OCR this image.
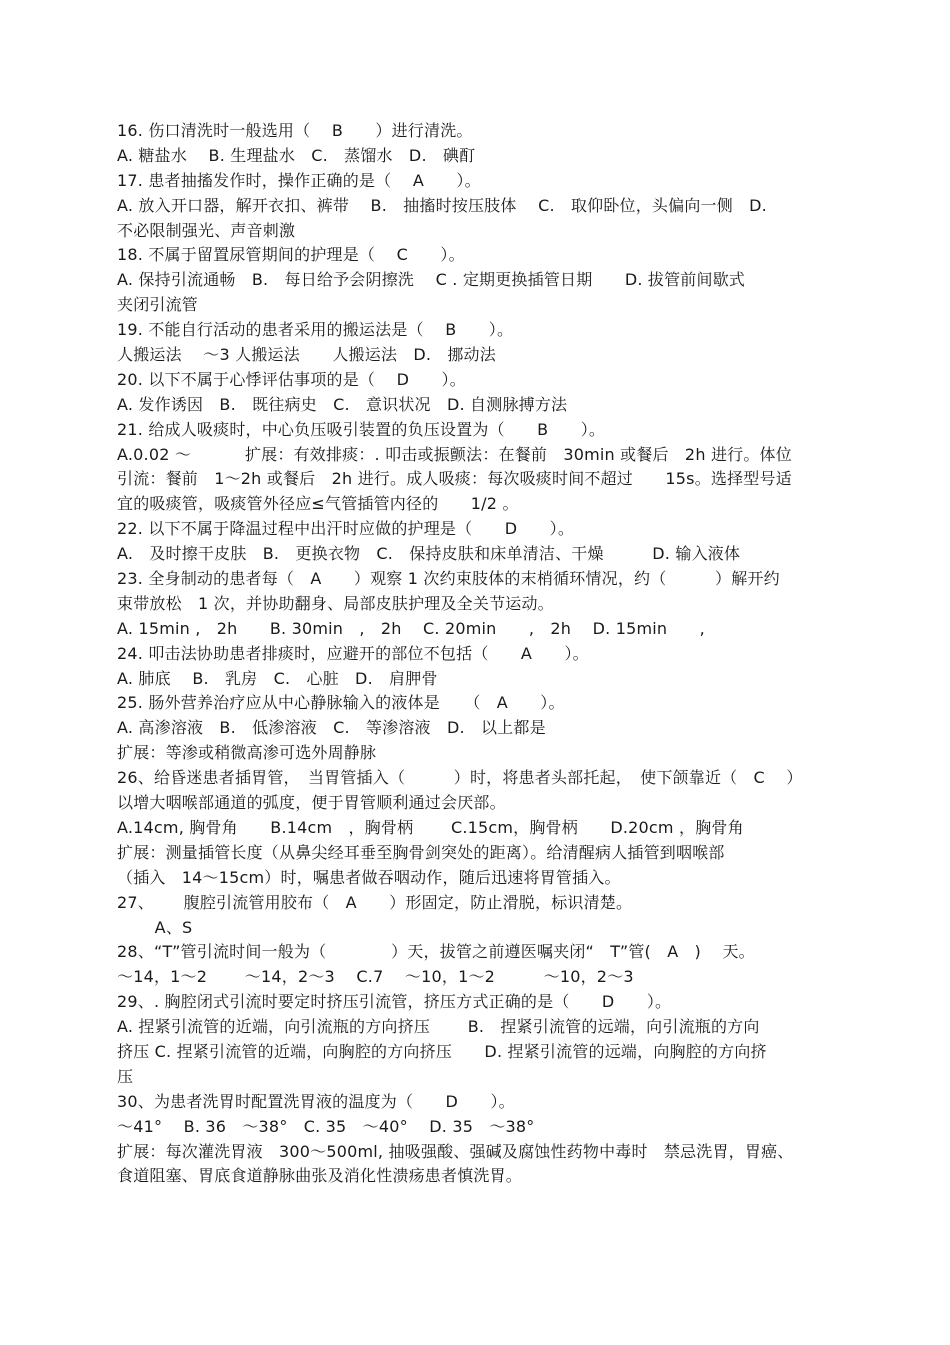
16. 伤口清洗时一般选用（　 B　　）进行清洗。
A. 糖盐水　 B. 生理盐水　C.　蒸馏水　D.　碘酊
17. 患者抽搐发作时，操作正确的是（　 A　　）。
A. 放入开口器，解开衣扣、裤带　 B.　抽搐时按压肢体　 C.　取仰卧位，头偏向一侧　D.
不必限制强光、声音刺激
18. 不属于留置尿管期间的护理是（　 C　　）。
A. 保持引流通畅　B.　每日给予会阴擦洗　 C . 定期更换插管日期　　D. 拔管前间歇式
夹闭引流管
19. 不能自行活动的患者采用的搬运法是（　 B　　）。
人搬运法　 ～3 人搬运法　　人搬运法　D.　挪动法
20. 以下不属于心悸评估事项的是（　 D　　）。
A. 发作诱因　B.　既往病史　C.　意识状况　D. 自测脉搏方法
21. 给成人吸痰时，中心负压吸引装置的负压设置为（　　B　　）。
A.0.02 ～　　　 扩展：有效排痰：. 叩击或振颤法：在餐前　30min 或餐后　2h 进行。体位
引流：餐前　1～2h 或餐后　2h 进行。成人吸痰：每次吸痰时间不超过　　15s。选择型号适
宜的吸痰管，吸痰管外径应≤气管插管内径的　　1/2 。
22. 以下不属于降温过程中出汗时应做的护理是（　　D　　）。
A.　及时擦干皮肤　B.　更换衣物　C.　保持皮肤和床单清洁、干燥　　　D. 输入液体
23. 全身制动的患者每（　A　　）观察 1 次约束肢体的末梢循环情况，约（　　　）解开约
束带放松　1 次，并协助翻身、局部皮肤护理及全关节运动。
A. 15min ,　2h　　B. 30min　,　2h　 C. 20min　　,　2h　 D. 15min　　,
24. 叩击法协助患者排痰时，应避开的部位不包括（　　A　　）。
A. 肺底　 B.　乳房　C.　心脏　D.　肩胛骨
25. 肠外营养治疗应从中心静脉输入的液体是　　（　A　　）。
A. 高渗溶液　B.　低渗溶液　C.　等渗溶液　D.　以上都是
扩展：等渗或稍微高渗可选外周静脉
26、给昏迷患者插胃管，　当胃管插入（　　　）时，将患者头部托起，　使下颌靠近（　C　 ）
以增大咽喉部通道的弧度，便于胃管顺利通过会厌部。
A.14cm, 胸骨角　　B.14cm　，胸骨柄　　 C.15cm，胸骨柄　　D.20cm ，胸骨角
扩展：测量插管长度（从鼻尖经耳垂至胸骨剑突处的距离）。给清醒病人插管到咽喉部
（插入　14～15cm）时，嘱患者做吞咽动作，随后迅速将胃管插入。
27、　　 腹腔引流管用胶布（　A　　）形固定，防止滑脱，标识清楚。
　　 A、S
28、“T”管引流时间一般为（　　　　）天，拔管之前遵医嘱夹闭“　T”管(　A　)　 天。
～14，1～2　　 ～14，2～3　 C.7　 ～10，1～2　　　～10，2～3
29、. 胸腔闭式引流时要定时挤压引流管，挤压方式正确的是（　　D　　）。
A. 捏紧引流管的近端，向引流瓶的方向挤压　　 B.　捏紧引流管的远端，向引流瓶的方向
挤压 C. 捏紧引流管的近端，向胸腔的方向挤压　　D. 捏紧引流管的远端，向胸腔的方向挤
压
30、为患者洗胃时配置洗胃液的温度为（　　D　　）。
～41°　 B. 36　～38°　C. 35　～40°　 D. 35　～38°
扩展：每次灌洗胃液　300～500ml, 抽吸强酸、强碱及腐蚀性药物中毒时　禁忌洗胃，胃癌、
食道阻塞、胃底食道静脉曲张及消化性溃疡患者慎洗胃。
